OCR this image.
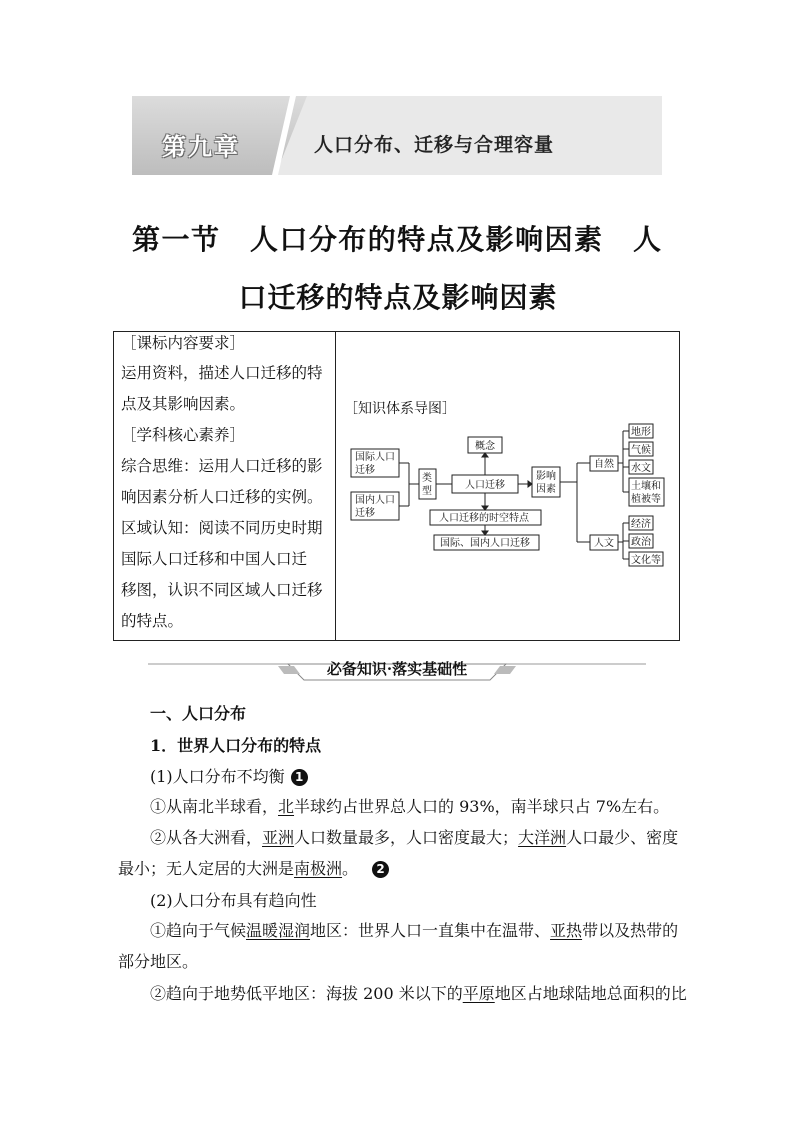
第九章	人口分布、迁移与合理容量
第一节　人口分布的特点及影响因素　人
口迁移的特点及影响因素
［课标内容要求］
运用资料，描述人口迁移的特
点及其影响因素。
［学科核心素养］
综合思维：运用人口迁移的影
响因素分析人口迁移的实例。
区域认知：阅读不同历史时期
国际人口迁移和中国人口迁
移图，认识不同区域人口迁移
的特点。
［知识体系导图］
国际人口
迁移
国内人口
迁移
类
型
概念
人口迁移
影响
因素
人口迁移的时空特点
国际、国内人口迁移
自然
人文
地形
气候
水文
土壤和
植被等
经济
政治
文化等
必备知识·落实基础性
一、人口分布
1．世界人口分布的特点
(1)人口分布不均衡 1
①从南北半球看，北半球约占世界总人口的 93%，南半球只占 7%左右。
②从各大洲看，亚洲人口数量最多，人口密度最大；大洋洲人口最少、密度
最小；无人定居的大洲是南极洲。 2
(2)人口分布具有趋向性
①趋向于气候温暖湿润地区：世界人口一直集中在温带、亚热带以及热带的
部分地区。
②趋向于地势低平地区：海拔 200 米以下的平原地区占地球陆地总面积的比
